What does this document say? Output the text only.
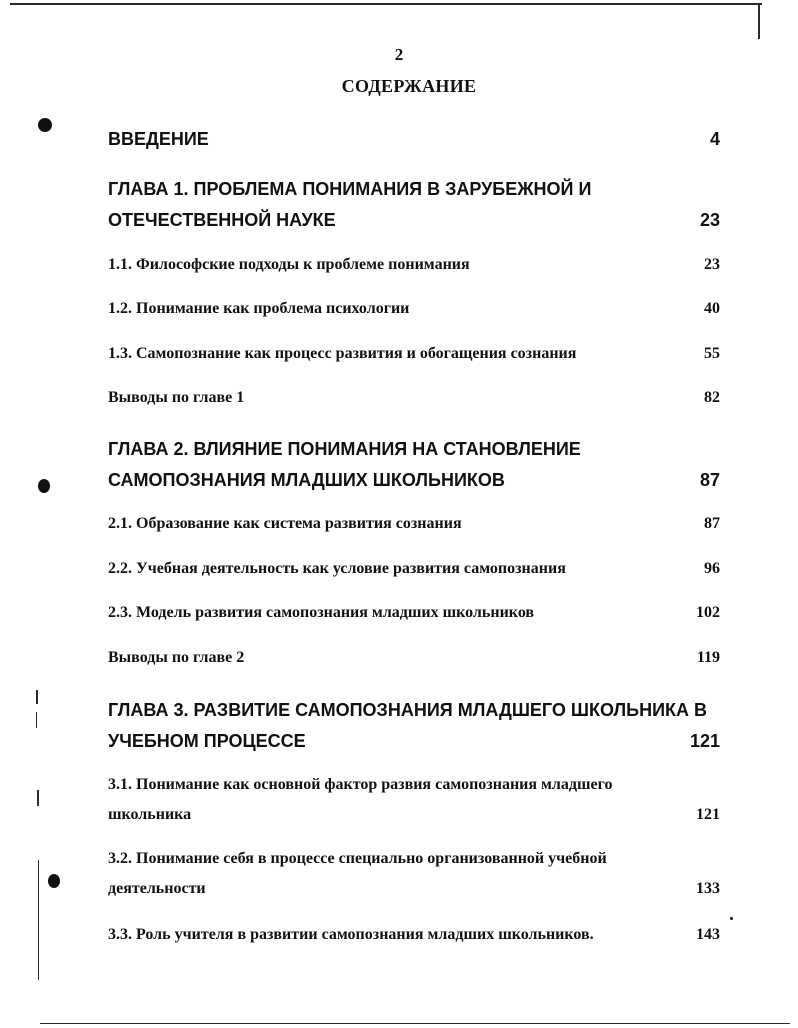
2
СОДЕРЖАНИЕ
ВВЕДЕНИЕ	4
ГЛАВА 1. ПРОБЛЕМА ПОНИМАНИЯ В ЗАРУБЕЖНОЙ И
ОТЕЧЕСТВЕННОЙ НАУКЕ	23
1.1. Философские подходы к проблеме понимания	23
1.2. Понимание как проблема психологии	40
1.3. Самопознание как процесс развития и обогащения сознания	55
Выводы по главе 1	82
ГЛАВА 2. ВЛИЯНИЕ ПОНИМАНИЯ НА СТАНОВЛЕНИЕ
САМОПОЗНАНИЯ МЛАДШИХ ШКОЛЬНИКОВ	87
2.1. Образование как система развития сознания	87
2.2. Учебная деятельность как условие развития самопознания	96
2.3. Модель развития самопознания младших школьников	102
Выводы по главе 2	119
ГЛАВА 3. РАЗВИТИЕ САМОПОЗНАНИЯ МЛАДШЕГО ШКОЛЬНИКА В
УЧЕБНОМ ПРОЦЕССЕ	121
3.1. Понимание как основной фактор развия самопознания младшего
школьника	121
3.2. Понимание себя в процессе специально организованной учебной
деятельности	133
3.3. Роль учителя в развитии самопознания младших школьников.	143
